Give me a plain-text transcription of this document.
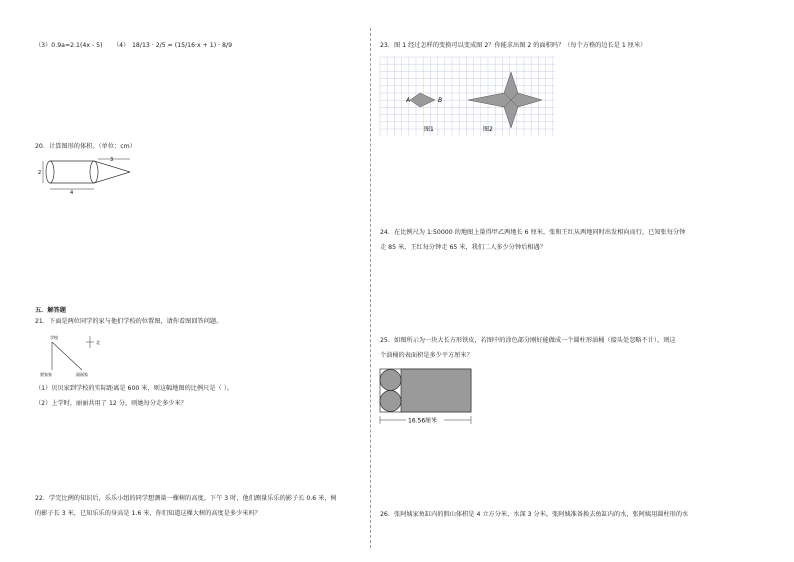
（3）0.9a=2.1(4x - 5) （4） 18/13 · 2/5 = (15/16·x + 1) · 8/9
20．计算图形的体积。（单位：cm）
3
4
2
五．解答题
21．下面是两位同学的家与他们学校的位置图，请你看图回答问题。
学校
北
贾家家	丽丽家
（1）贝贝家到学校的实际距离是 600 米，则这幅地图的比例尺是（ ）。
（2）上学时，丽丽共用了 12 分，则她每分走多少米？
22．学完比例的知识后，乐乐小组的同学想测量一棵树的高度。下午 3 时，他们测量乐乐的影子长 0.6 米，树
的影子长 3 米，已知乐乐的身高是 1.6 米，你们知道这棵大树的高度是多少米吗？
23．图 1 经过怎样的变换可以变成图 2？你能求出图 2 的面积吗？（每个方格的边长是 1 厘米）
A	B
图1	图2
24．在比例尺为 1:50000 的地图上量得甲乙两地长 6 厘米，张和王红从两地同时出发相向而行，已知张每分钟
走 85 米，王红每分钟走 65 米，我们二人多少分钟后相遇？
25．如图所示为一块大长方形铁皮，若图中的涂色部分刚好能做成一个圆柱形油桶（接头处忽略不计），则这
个油桶的表面积是多少平方厘米？
16.56厘米
26．张阿姨家鱼缸内的假山体积是 4 立方分米，水深 3 分米。张阿姨准备换去鱼缸内的水，张阿姨用圆柱形的水
